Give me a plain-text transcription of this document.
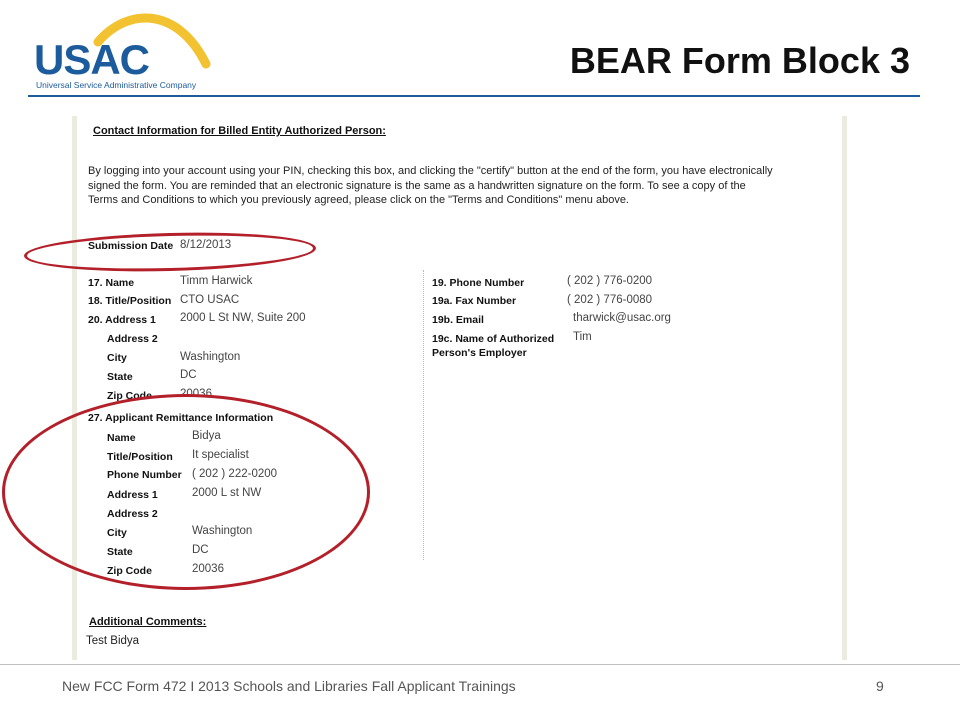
USAC
Universal Service Administrative Company
BEAR Form Block 3
Contact Information for Billed Entity Authorized Person:
By logging into your account using your PIN, checking this box, and clicking the "certify" button at the end of the form, you have electronically signed the form. You are reminded that an electronic signature is the same as a handwritten signature on the form. To see a copy of the Terms and Conditions to which you previously agreed, please click on the "Terms and Conditions" menu above.
Submission Date 8/12/2013
17. Name	Timm Harwick
18. Title/Position CTO USAC
20. Address 1 2000 L St NW, Suite 200
Address 2
City	Washington
State	DC
Zip Code 20036
19. Phone Number	( 202 ) 776-0200
19a. Fax Number	( 202 ) 776-0080
19b. Email	tharwick@usac.org
19c. Name of Authorized
Person's Employer
Tim
27. Applicant Remittance Information
Name	Bidya
Title/Position It specialist
Phone Number ( 202 ) 222-0200
Address 1	2000 L st NW
Address 2
City	Washington
State	DC
Zip Code	20036
Additional Comments:
Test Bidya
New FCC Form 472 I 2013 Schools and Libraries Fall Applicant Trainings	9
